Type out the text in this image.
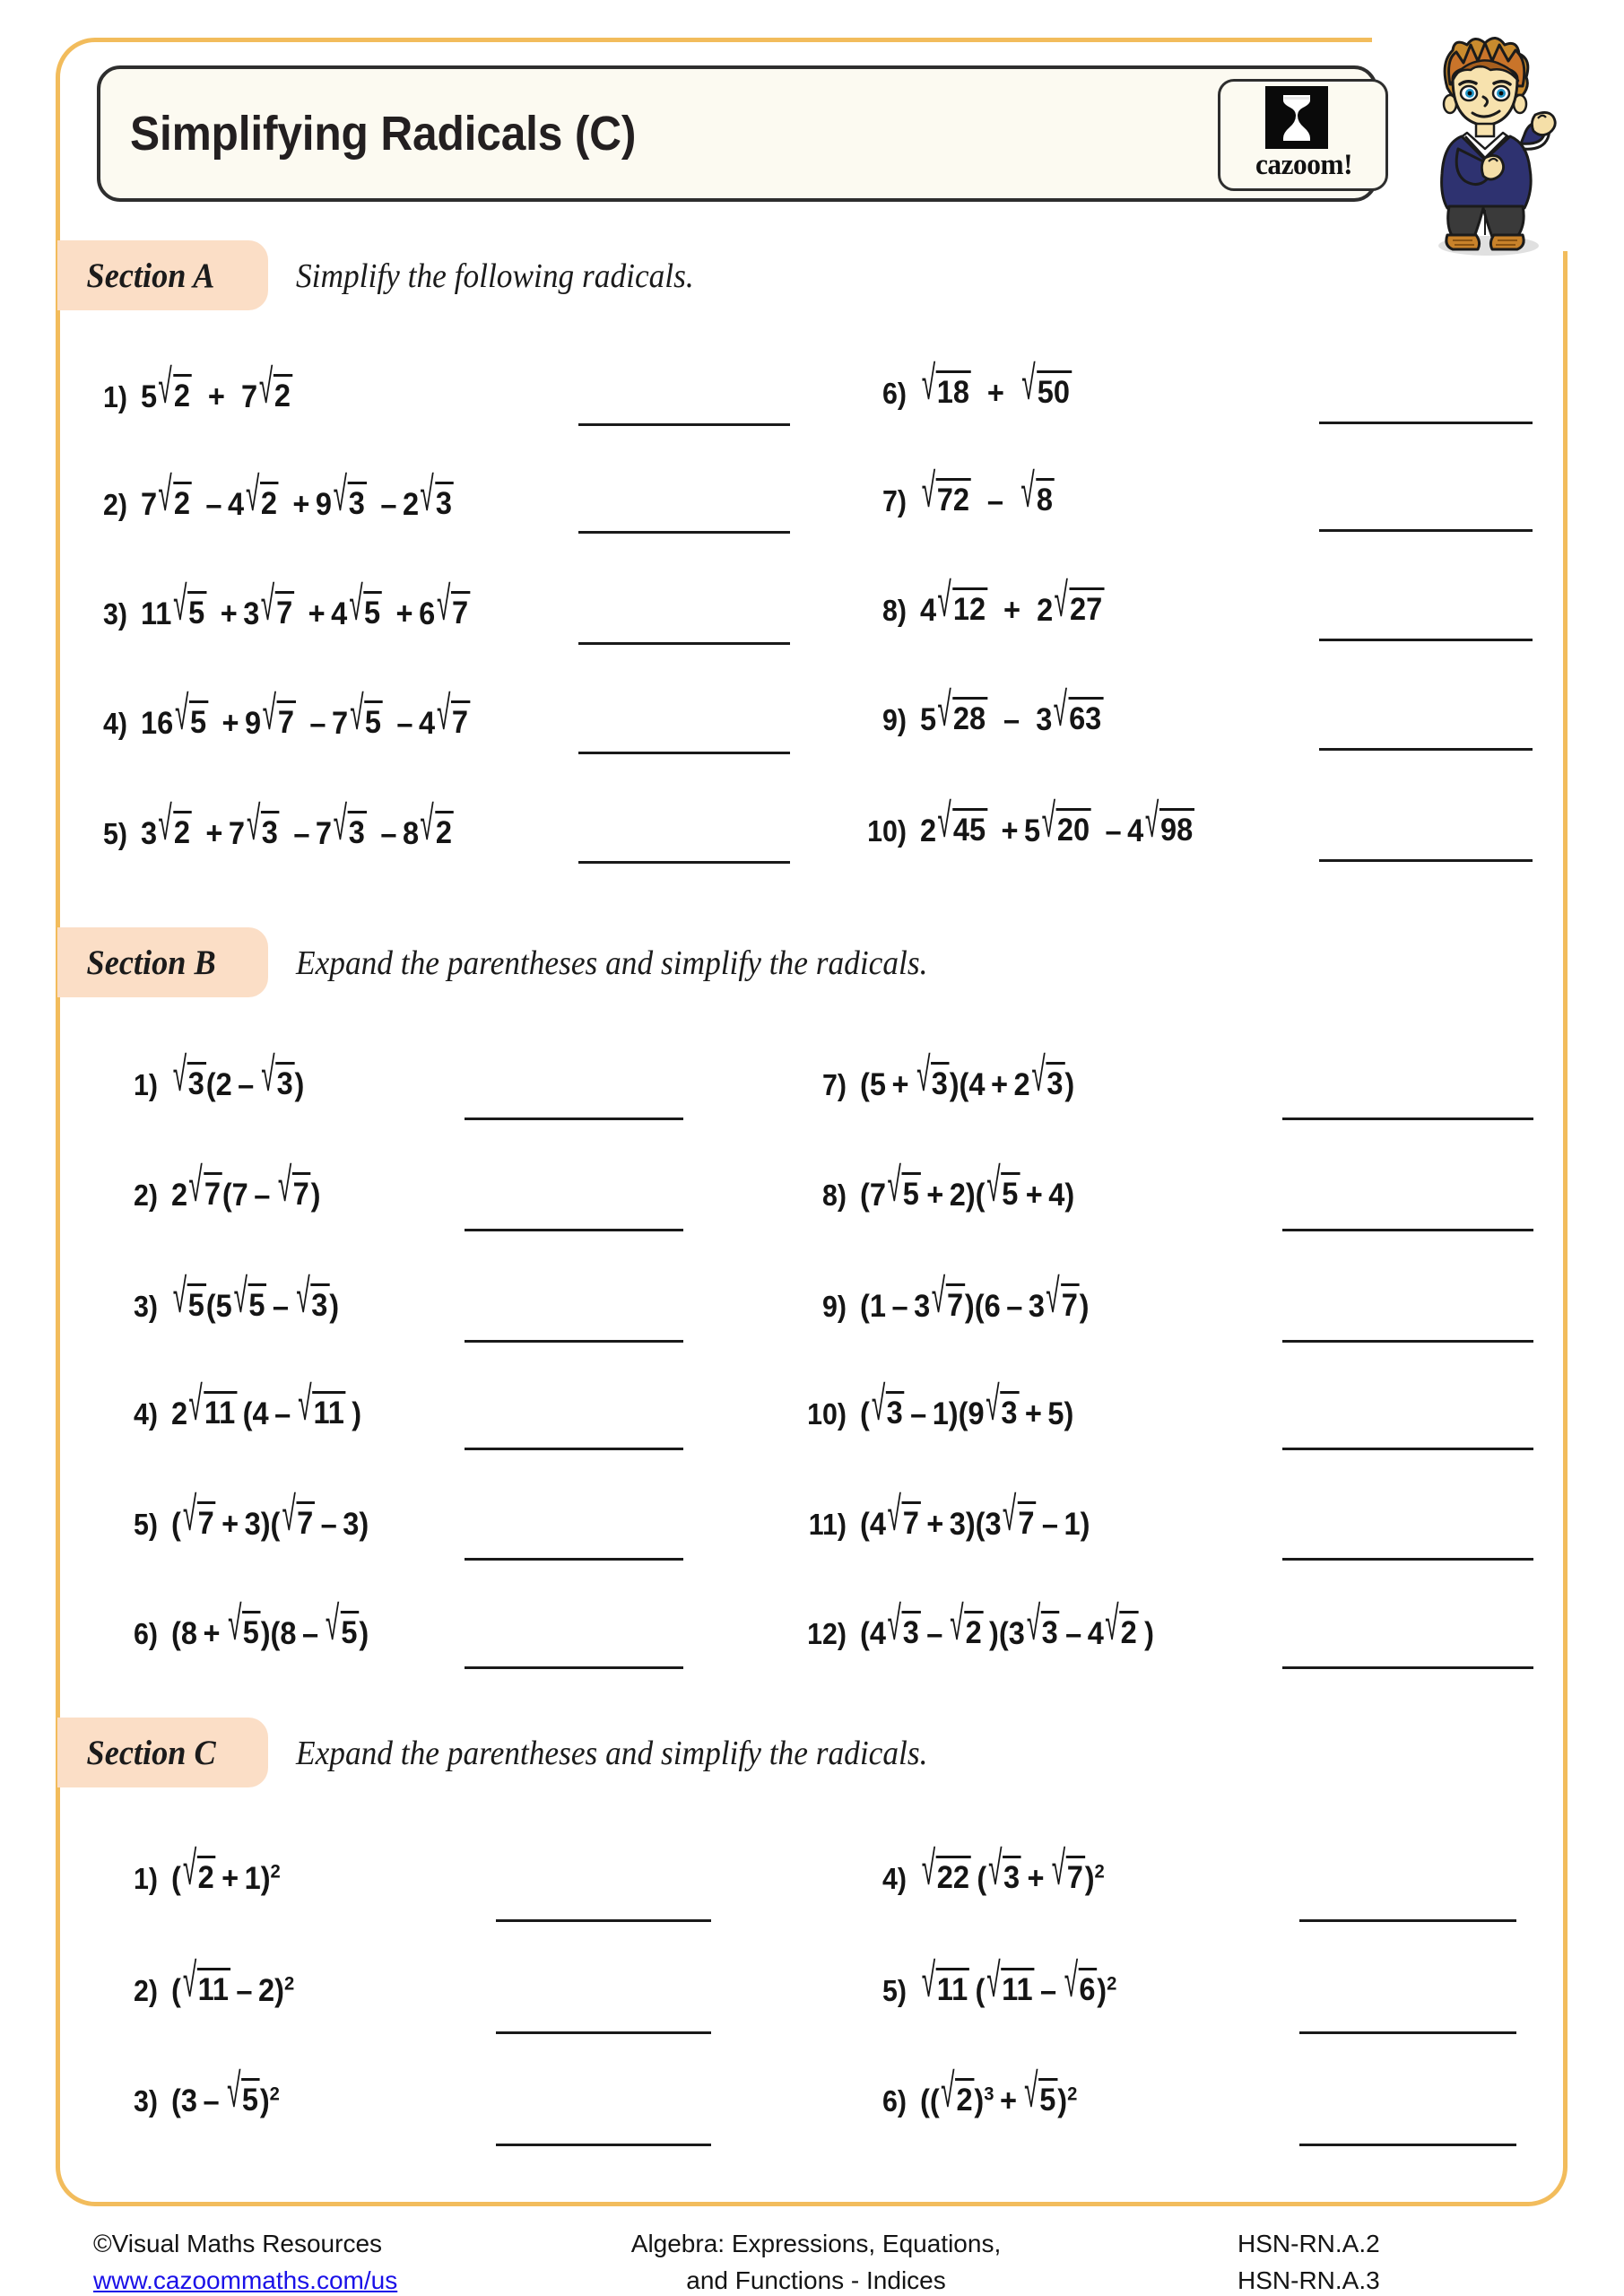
Simplifying Radicals (C)
cazoom!
Section A Simplify the following radicals.
1) 5√2  +  7√2
2) 7√2  – 4√2  + 9√3  – 2√3
3) 11√5  + 3√7  + 4√5  + 6√7
4) 16√5  + 9√7  – 7√5  – 4√7
5) 3√2  + 7√3  – 7√3  – 8√2
6) √18  +  √50
7) √72  –  √8
8) 4√12  +  2√27
9) 5√28  –  3√63
10) 2√45  + 5√20  – 4√98
Section B Expand the parentheses and simplify the radicals.
1) √3(2 – √3)
2) 2√7(7 – √7)
3) √5(5√5 – √3)
4) 2√11 (4 – √11 )
5) (√7 + 3)(√7 – 3)
6) (8 + √5)(8 – √5)
7) (5 + √3)(4 + 2√3)
8) (7√5 + 2)(√5 + 4)
9) (1 – 3√7)(6 – 3√7)
10) (√3 – 1)(9√3 + 5)
11) (4√7 + 3)(3√7 – 1)
12) (4√3 – √2 )(3√3 – 4√2 )
Section C Expand the parentheses and simplify the radicals.
1) $(√2 + 1)^2$
2) (√11 – 2)$^2$
3) (3 – √5)$^2$
4) √22 $(√3 + √7)^2$
5) √11 (√11 – √6)$^2$
6) $((√2)^3 + √5)^2$
©Visual Maths Resources
www.cazoommaths.com/us
Algebra: Expressions, Equations,
and Functions - Indices
HSN-RN.A.2
HSN-RN.A.3
